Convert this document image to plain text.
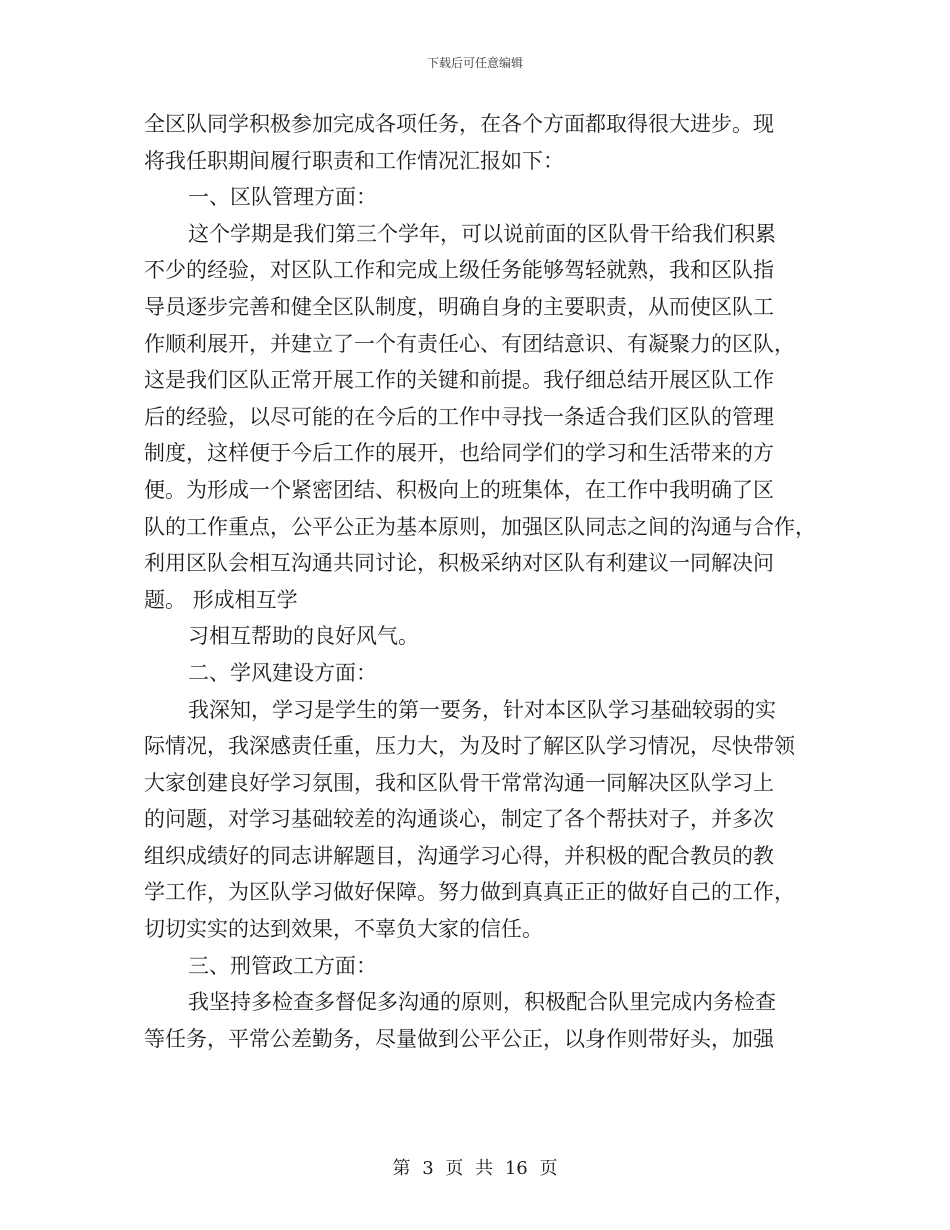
下载后可任意编辑
全区队同学积极参加完成各项任务，在各个方面都取得很大进步。现
将我任职期间履行职责和工作情况汇报如下：
一、区队管理方面：
这个学期是我们第三个学年，可以说前面的区队骨干给我们积累
不少的经验，对区队工作和完成上级任务能够驾轻就熟，我和区队指
导员逐步完善和健全区队制度，明确自身的主要职责，从而使区队工
作顺利展开，并建立了一个有责任心、有团结意识、有凝聚力的区队，
这是我们区队正常开展工作的关键和前提。我仔细总结开展区队工作
后的经验，以尽可能的在今后的工作中寻找一条适合我们区队的管理
制度，这样便于今后工作的展开，也给同学们的学习和生活带来的方
便。为形成一个紧密团结、积极向上的班集体，在工作中我明确了区
队的工作重点，公平公正为基本原则，加强区队同志之间的沟通与合作，
利用区队会相互沟通共同讨论，积极采纳对区队有利建议一同解决问
题。 形成相互学
习相互帮助的良好风气。
二、学风建设方面：
我深知，学习是学生的第一要务，针对本区队学习基础较弱的实
际情况，我深感责任重，压力大，为及时了解区队学习情况，尽快带领
大家创建良好学习氛围，我和区队骨干常常沟通一同解决区队学习上
的问题，对学习基础较差的沟通谈心，制定了各个帮扶对子，并多次
组织成绩好的同志讲解题目，沟通学习心得，并积极的配合教员的教
学工作，为区队学习做好保障。努力做到真真正正的做好自己的工作，
切切实实的达到效果，不辜负大家的信任。
三、刑管政工方面：
我坚持多检查多督促多沟通的原则，积极配合队里完成内务检查
等任务，平常公差勤务，尽量做到公平公正，以身作则带好头，加强
第 3 页 共 16 页
